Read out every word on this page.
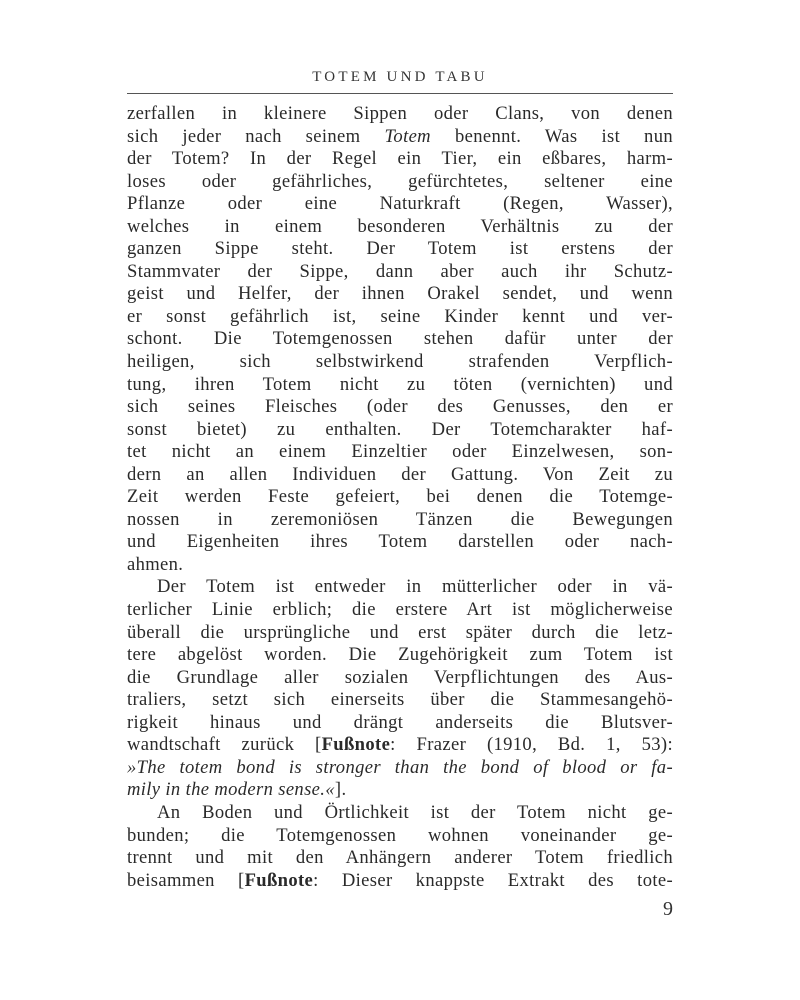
TOTEM UND TABU
zerfallen in kleinere Sippen oder Clans, von denen
sich jeder nach seinem Totem benennt. Was ist nun
der Totem? In der Regel ein Tier, ein eßbares, harm-
loses oder gefährliches, gefürchtetes, seltener eine
Pflanze oder eine Naturkraft (Regen, Wasser),
welches in einem besonderen Verhältnis zu der
ganzen Sippe steht. Der Totem ist erstens der
Stammvater der Sippe, dann aber auch ihr Schutz-
geist und Helfer, der ihnen Orakel sendet, und wenn
er sonst gefährlich ist, seine Kinder kennt und ver-
schont. Die Totemgenossen stehen dafür unter der
heiligen, sich selbstwirkend strafenden Verpflich-
tung, ihren Totem nicht zu töten (vernichten) und
sich seines Fleisches (oder des Genusses, den er
sonst bietet) zu enthalten. Der Totemcharakter haf-
tet nicht an einem Einzeltier oder Einzelwesen, son-
dern an allen Individuen der Gattung. Von Zeit zu
Zeit werden Feste gefeiert, bei denen die Totemge-
nossen in zeremoniösen Tänzen die Bewegungen
und Eigenheiten ihres Totem darstellen oder nach-
ahmen.
Der Totem ist entweder in mütterlicher oder in vä-
terlicher Linie erblich; die erstere Art ist möglicherweise
überall die ursprüngliche und erst später durch die letz-
tere abgelöst worden. Die Zugehörigkeit zum Totem ist
die Grundlage aller sozialen Verpflichtungen des Aus-
traliers, setzt sich einerseits über die Stammesangehö-
rigkeit hinaus und drängt anderseits die Blutsver-
wandtschaft zurück [Fußnote: Frazer (1910, Bd. 1, 53):
»The totem bond is stronger than the bond of blood or fa-
mily in the modern sense.«].
An Boden und Örtlichkeit ist der Totem nicht ge-
bunden; die Totemgenossen wohnen voneinander ge-
trennt und mit den Anhängern anderer Totem friedlich
beisammen [Fußnote: Dieser knappste Extrakt des tote-
9
